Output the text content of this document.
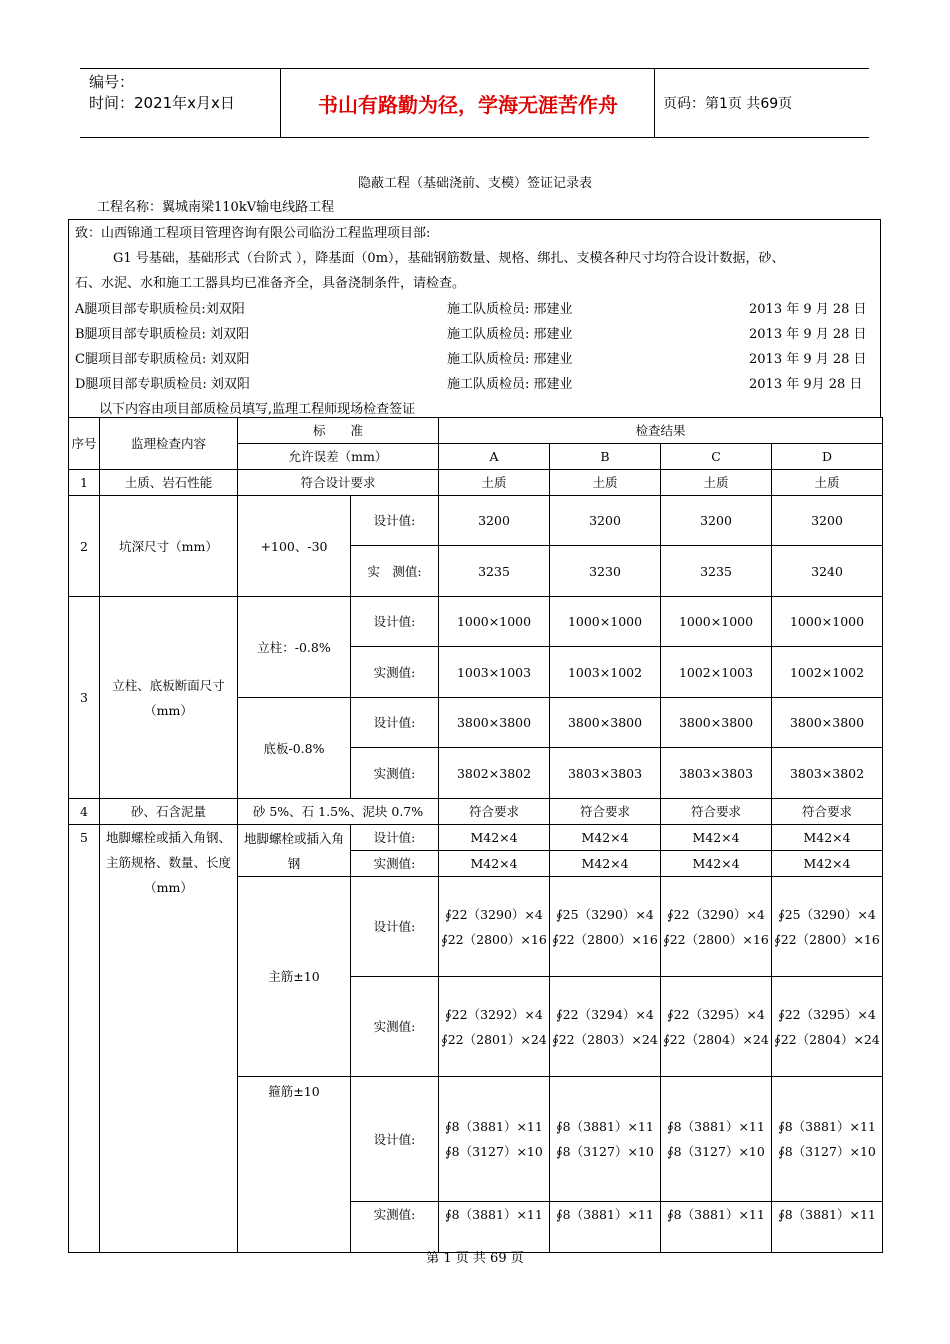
编号：
时间：2021年x月x日	书山有路勤为径，学海无涯苦作舟	页码：第1页 共69页
隐蔽工程（基础浇前、支模）签证记录表
工程名称：翼城南梁110kV输电线路工程
致：山西锦通工程项目管理咨询有限公司临汾工程监理项目部:
G1 号基础，基础形式（台阶式 ），降基面（0m），基础钢筋数量、规格、绑扎、支模各种尺寸均符合设计数据，砂、
石、水泥、水和施工工器具均已准备齐全，具备浇制条件，请检查。
A腿项目部专职质检员:刘双阳	施工队质检员: 邢建业	2013 年 9 月 28 日
B腿项目部专职质检员: 刘双阳	施工队质检员: 邢建业	2013 年 9 月 28 日
C腿项目部专职质检员: 刘双阳	施工队质检员: 邢建业	2013 年 9 月 28 日
D腿项目部专职质检员: 刘双阳	施工队质检员: 邢建业	2013 年 9月 28 日
以下内容由项目部质检员填写,监理工程师现场检查签证
序号	监理检查内容	标　　准		检查结果			
		允许误差（mm）		A	B	C	D
1	土质、岩石性能	符合设计要求		土质	土质	土质	土质
2	坑深尺寸（mm）	+100、-30	设计值:	3200	3200	3200	3200
			实　测值:	3235	3230	3235	3240
3	立柱、底板断面尺寸（mm）	立柱：-0.8%	设计值:	1000×1000	1000×1000	1000×1000	1000×1000
			实测值:	1003×1003	1003×1002	1002×1003	1002×1002
		底板-0.8%	设计值:	3800×3800	3800×3800	3800×3800	3800×3800
			实测值:	3802×3802	3803×3803	3803×3803	3803×3802
4	砂、石含泥量	砂 5%、石 1.5%、泥块 0.7%		符合要求	符合要求	符合要求	符合要求
5	地脚螺栓或插入角钢、主筋规格、数量、长度（mm）	地脚螺栓或插入角钢	设计值:	M42×4	M42×4	M42×4	M42×4
			实测值:	M42×4	M42×4	M42×4	M42×4
		主筋±10	设计值:	∮22（3290）×4 ∮22（2800）×16	∮25（3290）×4 ∮22（2800）×16	∮22（3290）×4 ∮22（2800）×16	∮25（3290）×4 ∮22（2800）×16
			实测值:	∮22（3292）×4 ∮22（2801）×24	∮22（3294）×4 ∮22（2803）×24	∮22（3295）×4 ∮22（2804）×24	∮22（3295）×4 ∮22（2804）×24
		箍筋±10	设计值:	∮8（3881）×11 ∮8（3127）×10	∮8（3881）×11 ∮8（3127）×10	∮8（3881）×11 ∮8（3127）×10	∮8（3881）×11 ∮8（3127）×10
			实测值:	∮8（3881）×11	∮8（3881）×11	∮8（3881）×11	∮8（3881）×11
第 1 页 共 69 页
